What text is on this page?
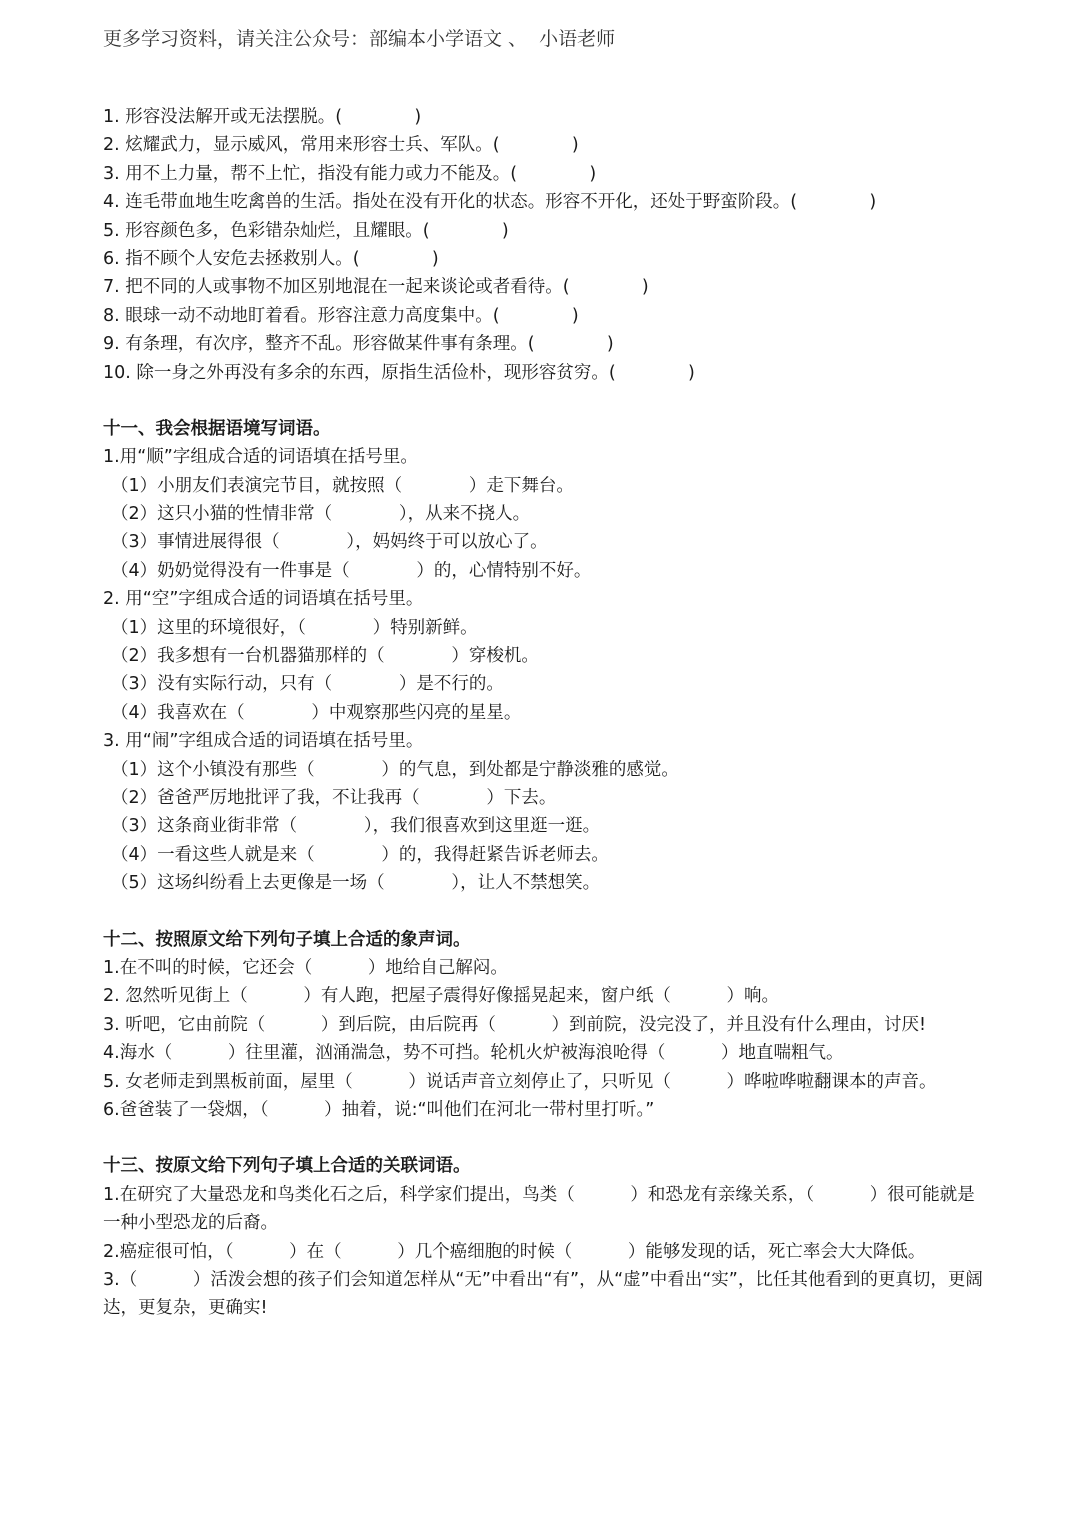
更多学习资料，请关注公众号：部编本小学语文 、  小语老师
1. 形容没法解开或无法摆脱。(             )
2. 炫耀武力，显示威风，常用来形容士兵、军队。(             )
3. 用不上力量，帮不上忙，指没有能力或力不能及。(             )
4. 连毛带血地生吃禽兽的生活。指处在没有开化的状态。形容不开化，还处于野蛮阶段。(             )
5. 形容颜色多，色彩错杂灿烂，且耀眼。(             )
6. 指不顾个人安危去拯救别人。(             )
7. 把不同的人或事物不加区别地混在一起来谈论或者看待。(             )
8. 眼球一动不动地盯着看。形容注意力高度集中。(             )
9. 有条理，有次序，整齐不乱。形容做某件事有条理。(             )
10. 除一身之外再没有多余的东西，原指生活俭朴，现形容贫穷。(             )
十一、我会根据语境写词语。
1.用“顺”字组成合适的词语填在括号里。
（1）小朋友们表演完节目，就按照（            ）走下舞台。
（2）这只小猫的性情非常（            ），从来不挠人。
（3）事情进展得很（            ），妈妈终于可以放心了。
（4）奶奶觉得没有一件事是（            ）的，心情特别不好。
2. 用“空”字组成合适的词语填在括号里。
（1）这里的环境很好，（            ）特别新鲜。
（2）我多想有一台机器猫那样的（            ）穿梭机。
（3）没有实际行动，只有（            ）是不行的。
（4）我喜欢在（            ）中观察那些闪亮的星星。
3. 用“闹”字组成合适的词语填在括号里。
（1）这个小镇没有那些（            ）的气息，到处都是宁静淡雅的感觉。
（2）爸爸严厉地批评了我，不让我再（            ）下去。
（3）这条商业街非常（            ），我们很喜欢到这里逛一逛。
（4）一看这些人就是来（            ）的，我得赶紧告诉老师去。
（5）这场纠纷看上去更像是一场（            ），让人不禁想笑。
十二、按照原文给下列句子填上合适的象声词。
1.在不叫的时候，它还会（          ）地给自己解闷。
2. 忽然听见街上（          ）有人跑，把屋子震得好像摇晃起来，窗户纸（          ）响。
3. 听吧，它由前院（          ）到后院，由后院再（          ）到前院，没完没了，并且没有什么理由，讨厌!
4.海水（          ）往里灌，汹涌湍急，势不可挡。轮机火炉被海浪呛得（          ）地直喘粗气。
5. 女老师走到黑板前面，屋里（          ）说话声音立刻停止了，只听见（          ）哗啦哗啦翻课本的声音。
6.爸爸装了一袋烟，（          ）抽着，说:“叫他们在河北一带村里打听。”
十三、按原文给下列句子填上合适的关联词语。
1.在研究了大量恐龙和鸟类化石之后，科学家们提出，鸟类（          ）和恐龙有亲缘关系，（          ）很可能就是一种小型恐龙的后裔。
2.癌症很可怕，（          ）在（          ）几个癌细胞的时候（          ）能够发现的话，死亡率会大大降低。
3.（          ）活泼会想的孩子们会知道怎样从“无”中看出“有”，从“虚”中看出“实”，比任其他看到的更真切，更阔达，更复杂，更确实!
